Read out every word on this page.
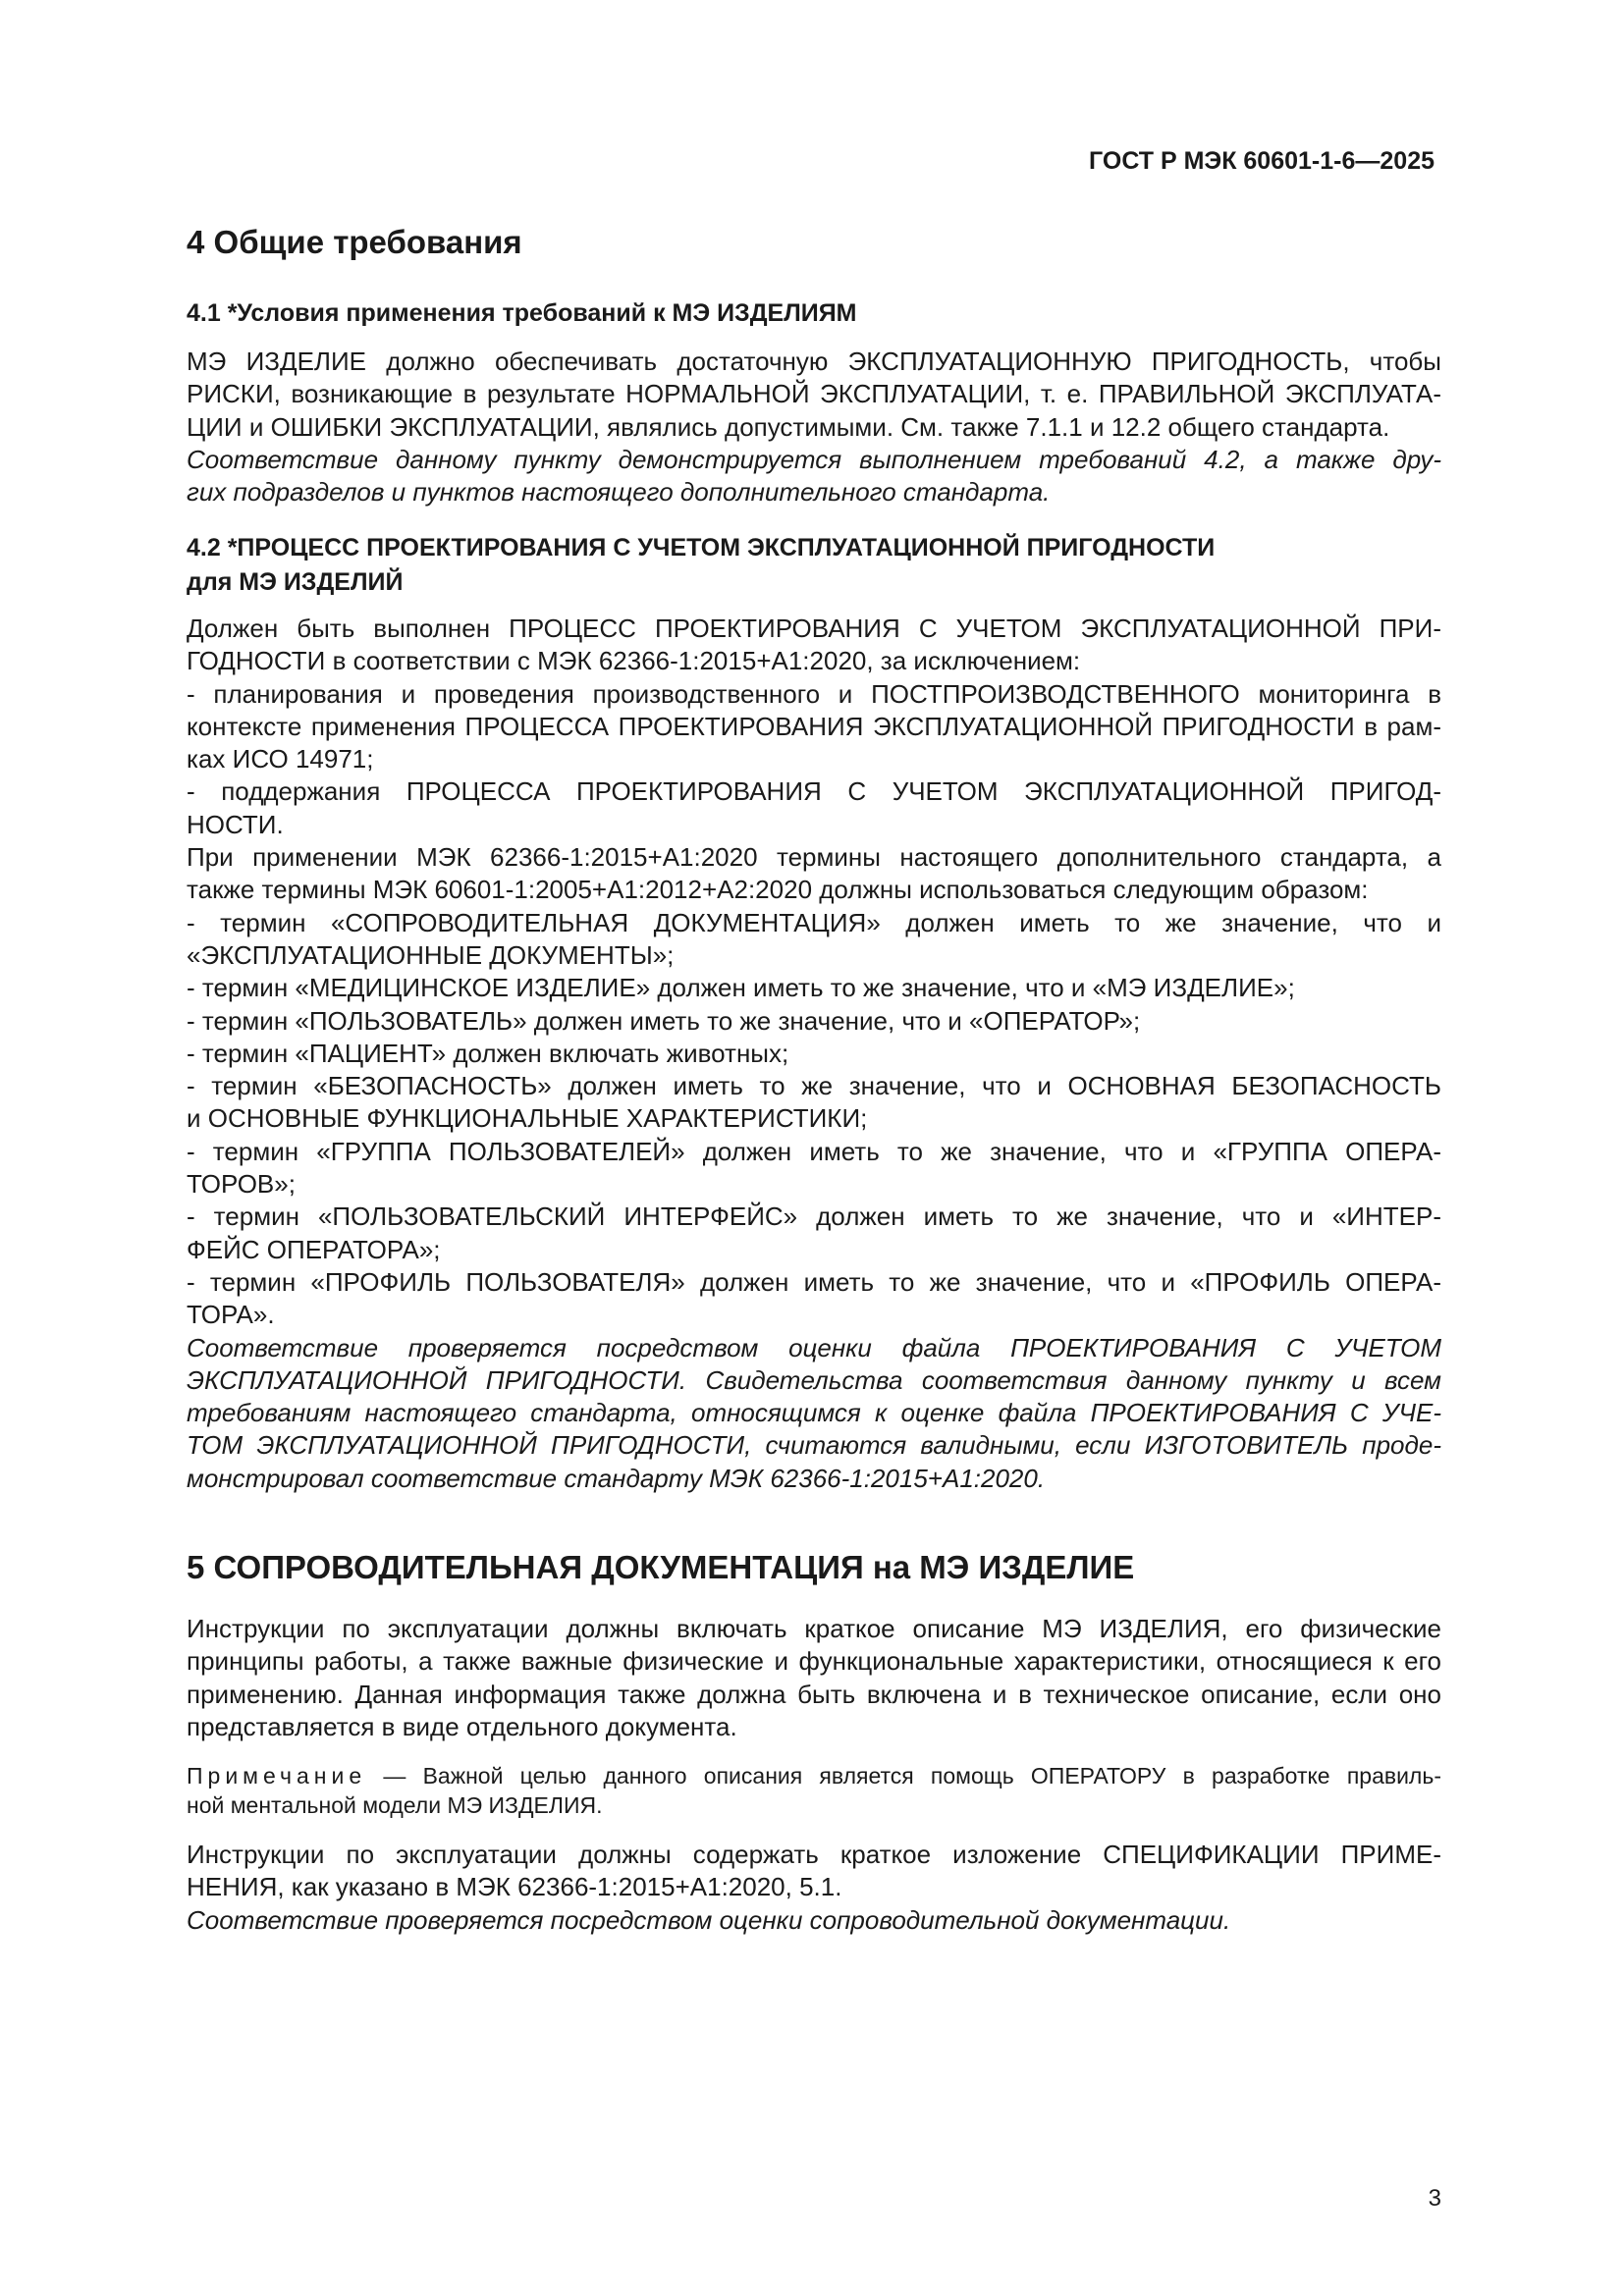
ГОСТ Р МЭК 60601-1-6—2025
4 Общие требования
4.1 *Условия применения требований к МЭ ИЗДЕЛИЯМ

МЭ ИЗДЕЛИЕ должно обеспечивать достаточную ЭКСПЛУАТАЦИОННУЮ ПРИГОДНОСТЬ, чтобы

РИСКИ, возникающие в результате НОРМАЛЬНОЙ ЭКСПЛУАТАЦИИ, т. е. ПРАВИЛЬНОЙ ЭКСПЛУАТА-

ЦИИ и ОШИБКИ ЭКСПЛУАТАЦИИ, являлись допустимыми. См. также 7.1.1 и 12.2 общего стандарта.

Соответствие данному пункту демонстрируется выполнением требований 4.2, а также дру-

гих подразделов и пунктов настоящего дополнительного стандарта.

4.2 *ПРОЦЕСС ПРОЕКТИРОВАНИЯ С УЧЕТОМ ЭКСПЛУАТАЦИОННОЙ ПРИГОДНОСТИ
для МЭ ИЗДЕЛИЙ

Должен быть выполнен ПРОЦЕСС ПРОЕКТИРОВАНИЯ С УЧЕТОМ ЭКСПЛУАТАЦИОННОЙ ПРИ-

ГОДНОСТИ в соответствии с МЭК 62366-1:2015+А1:2020, за исключением:

- планирования и проведения производственного и ПОСТПРОИЗВОДСТВЕННОГО мониторинга в

контексте применения ПРОЦЕССА ПРОЕКТИРОВАНИЯ ЭКСПЛУАТАЦИОННОЙ ПРИГОДНОСТИ в рам-

ках ИСО 14971;

- поддержания ПРОЦЕССА ПРОЕКТИРОВАНИЯ С УЧЕТОМ ЭКСПЛУАТАЦИОННОЙ ПРИГОД-

НОСТИ.

При применении МЭК 62366-1:2015+А1:2020 термины настоящего дополнительного стандарта, а

также термины МЭК 60601-1:2005+А1:2012+А2:2020 должны использоваться следующим образом:

- термин «СОПРОВОДИТЕЛЬНАЯ ДОКУМЕНТАЦИЯ» должен иметь то же значение, что и

«ЭКСПЛУАТАЦИОННЫЕ ДОКУМЕНТЫ»;

- термин «МЕДИЦИНСКОЕ ИЗДЕЛИЕ» должен иметь то же значение, что и «МЭ ИЗДЕЛИЕ»;

- термин «ПОЛЬЗОВАТЕЛЬ» должен иметь то же значение, что и «ОПЕРАТОР»;

- термин «ПАЦИЕНТ» должен включать животных;

- термин «БЕЗОПАСНОСТЬ» должен иметь то же значение, что и ОСНОВНАЯ БЕЗОПАСНОСТЬ

и ОСНОВНЫЕ ФУНКЦИОНАЛЬНЫЕ ХАРАКТЕРИСТИКИ;

- термин «ГРУППА ПОЛЬЗОВАТЕЛЕЙ» должен иметь то же значение, что и «ГРУППА ОПЕРА-

ТОРОВ»;

- термин «ПОЛЬЗОВАТЕЛЬСКИЙ ИНТЕРФЕЙС» должен иметь то же значение, что и «ИНТЕР-

ФЕЙС ОПЕРАТОРА»;

- термин «ПРОФИЛЬ ПОЛЬЗОВАТЕЛЯ» должен иметь то же значение, что и «ПРОФИЛЬ ОПЕРА-

ТОРА».

Соответствие проверяется посредством оценки файла ПРОЕКТИРОВАНИЯ С УЧЕТОМ

ЭКСПЛУАТАЦИОННОЙ ПРИГОДНОСТИ. Свидетельства соответствия данному пункту и всем

требованиям настоящего стандарта, относящимся к оценке файла ПРОЕКТИРОВАНИЯ С УЧЕ-

ТОМ ЭКСПЛУАТАЦИОННОЙ ПРИГОДНОСТИ, считаются валидными, если ИЗГОТОВИТЕЛЬ продe-

монстрировал соответствие стандарту МЭК 62366-1:2015+А1:2020.

5 СОПРОВОДИТЕЛЬНАЯ ДОКУМЕНТАЦИЯ на МЭ ИЗДЕЛИЕ

Инструкции по эксплуатации должны включать краткое описание МЭ ИЗДЕЛИЯ, его физические

принципы работы, а также важные физические и функциональные характеристики, относящиеся к его

применению. Данная информация также должна быть включена и в техническое описание, если оно

представляется в виде отдельного документа.

Примечание — Важной целью данного описания является помощь ОПЕРАТОРУ в разработке правиль-

ной ментальной модели МЭ ИЗДЕЛИЯ.

Инструкции по эксплуатации должны содержать краткое изложение СПЕЦИФИКАЦИИ ПРИМЕ-

НЕНИЯ, как указано в МЭК 62366-1:2015+А1:2020, 5.1.

Соответствие проверяется посредством оценки сопроводительной документации.

3
